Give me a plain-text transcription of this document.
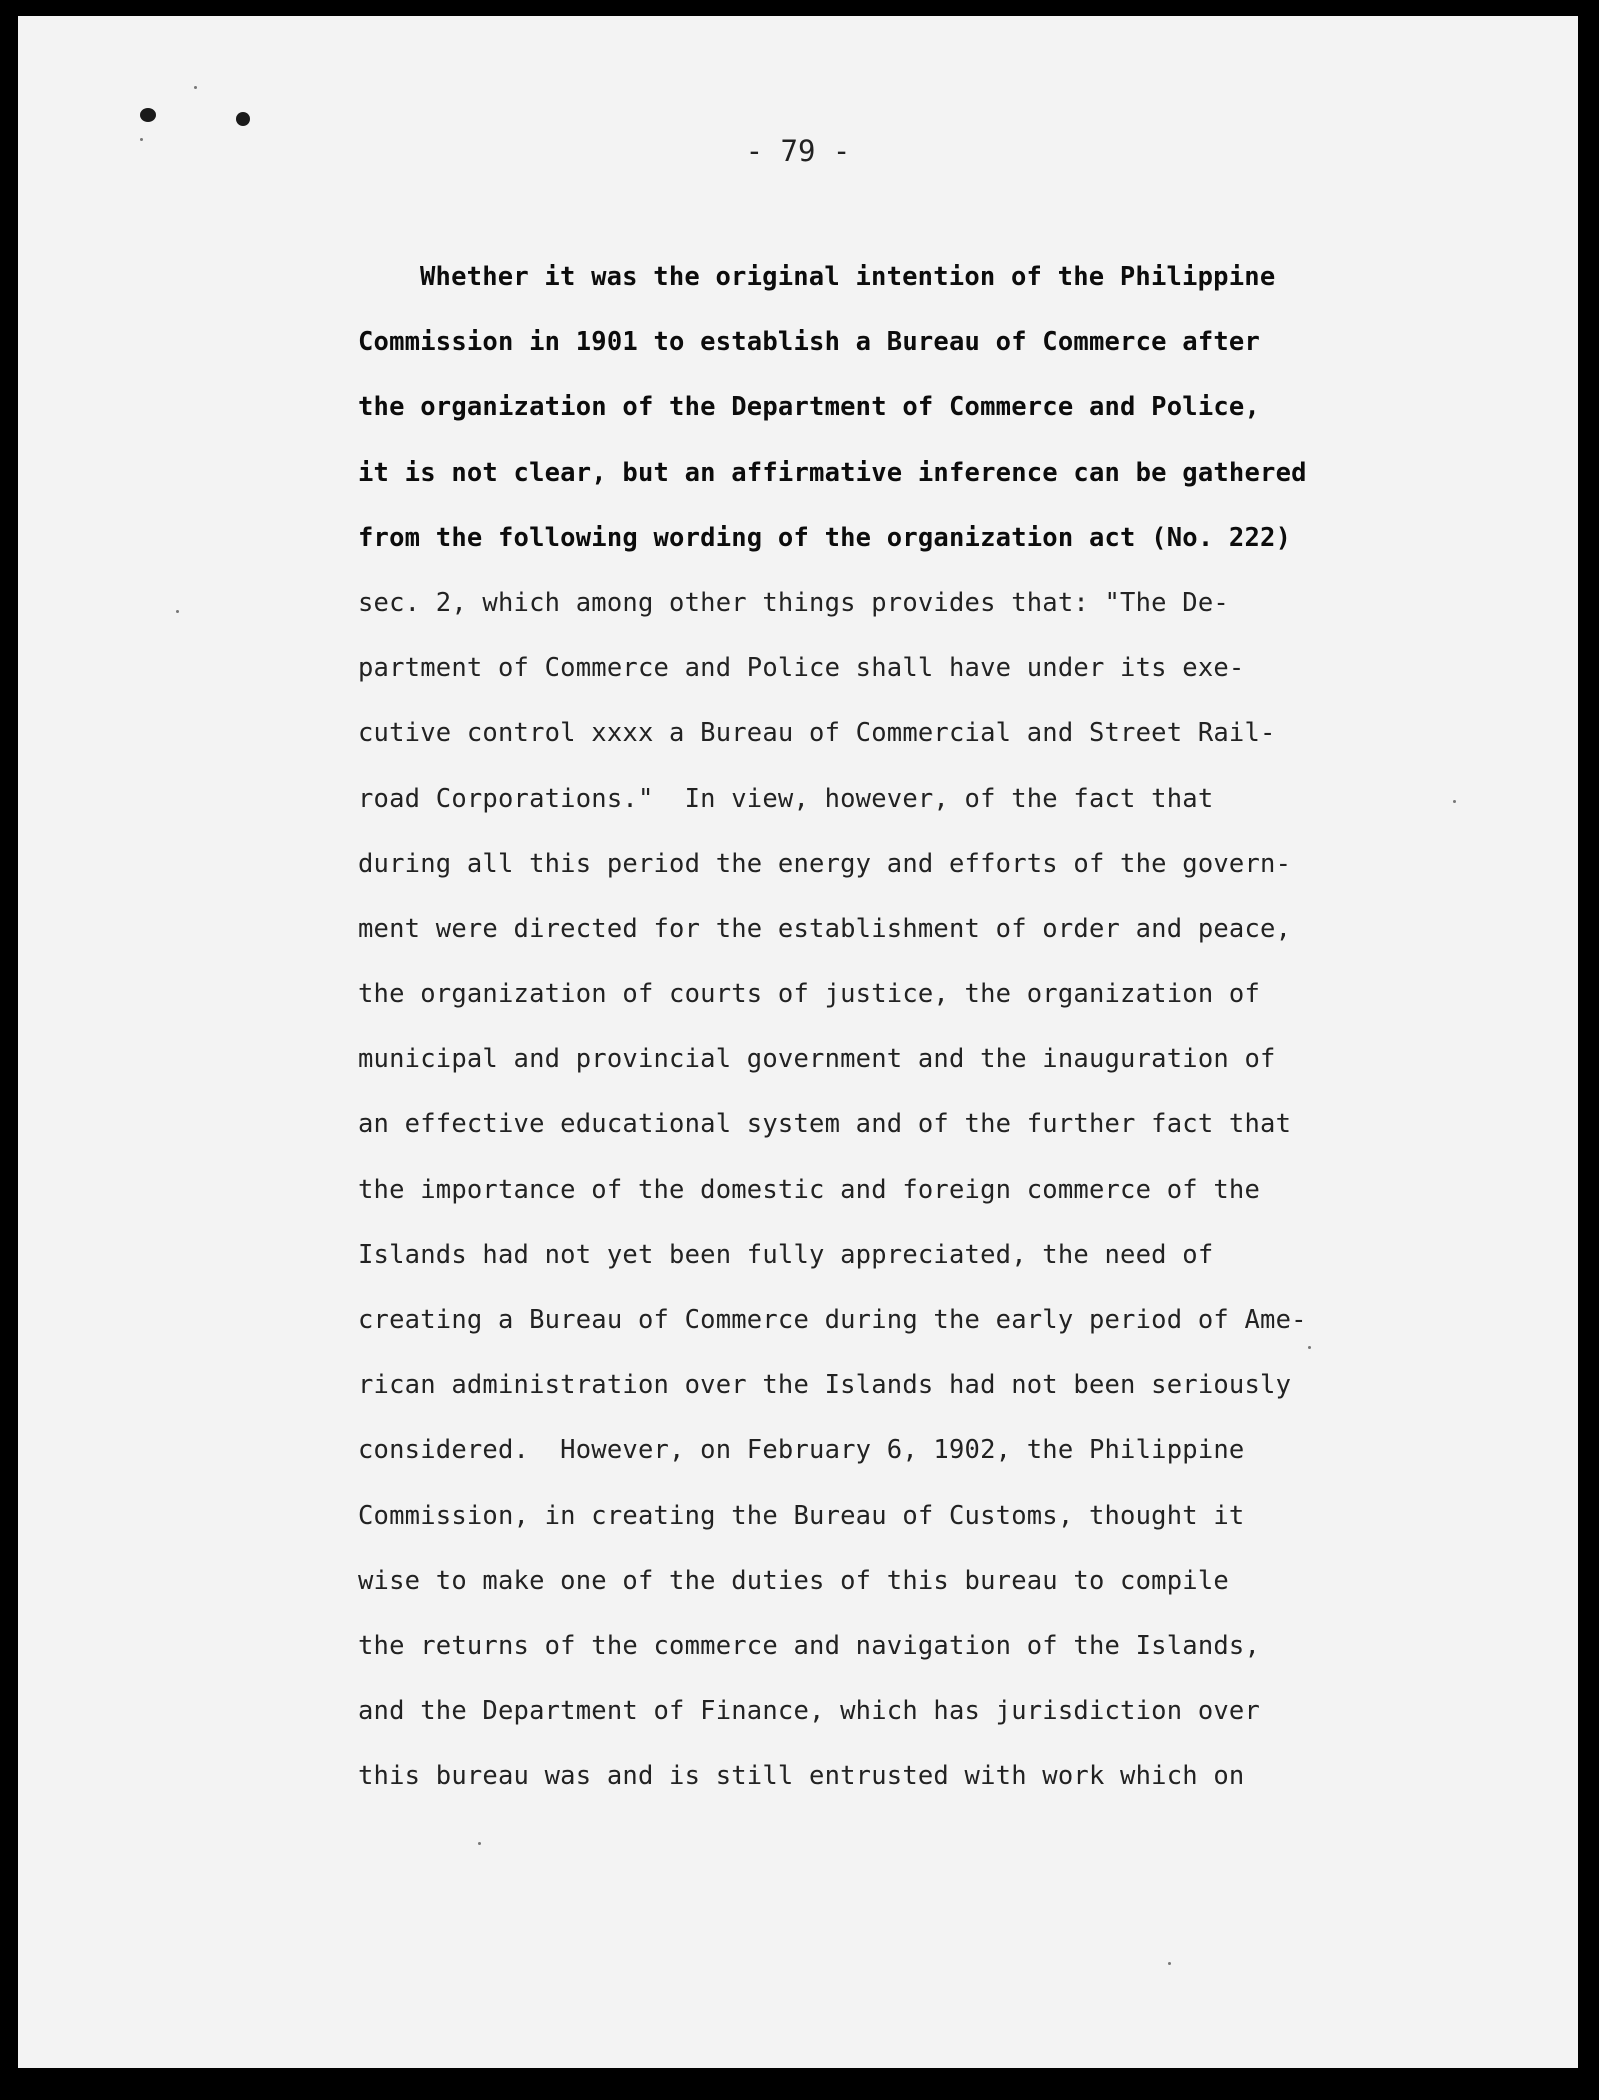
- 79 -
Whether it was the original intention of the Philippine
Commission in 1901 to establish a Bureau of Commerce after
the organization of the Department of Commerce and Police,
it is not clear, but an affirmative inference can be gathered
from the following wording of the organization act (No. 222)
sec. 2, which among other things provides that: "The De-
partment of Commerce and Police shall have under its exe-
cutive control xxxx a Bureau of Commercial and Street Rail-
road Corporations."  In view, however, of the fact that
during all this period the energy and efforts of the govern-
ment were directed for the establishment of order and peace,
the organization of courts of justice, the organization of
municipal and provincial government and the inauguration of
an effective educational system and of the further fact that
the importance of the domestic and foreign commerce of the
Islands had not yet been fully appreciated, the need of
creating a Bureau of Commerce during the early period of Ame-
rican administration over the Islands had not been seriously
considered.  However, on February 6, 1902, the Philippine
Commission, in creating the Bureau of Customs, thought it
wise to make one of the duties of this bureau to compile
the returns of the commerce and navigation of the Islands,
and the Department of Finance, which has jurisdiction over
this bureau was and is still entrusted with work which on
